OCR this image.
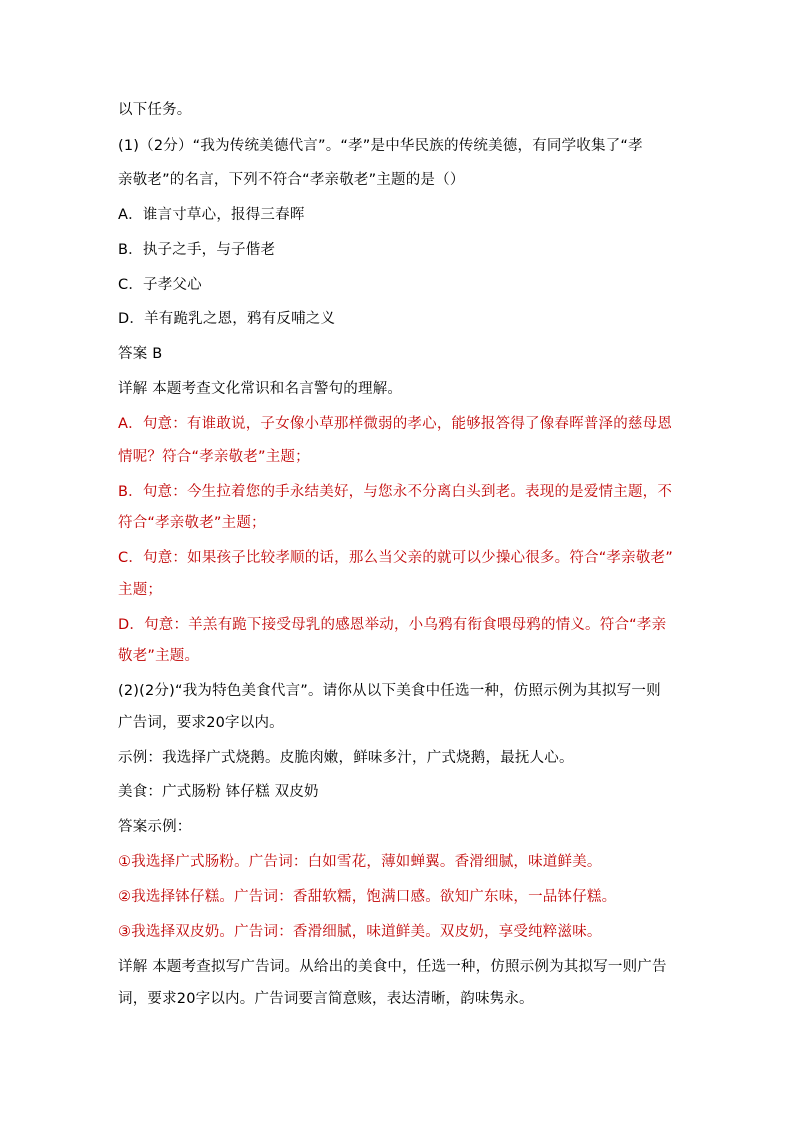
以下任务。
(1)（2分）“我为传统美德代言”。“孝”是中华民族的传统美德，有同学收集了“孝
亲敬老”的名言，下列不符合“孝亲敬老”主题的是（）
A．谁言寸草心，报得三春晖
B．执子之手，与子偕老
C．子孝父心
D．羊有跪乳之恩，鸦有反哺之义
答案 B
详解 本题考查文化常识和名言警句的理解。
A．句意：有谁敢说，子女像小草那样微弱的孝心，能够报答得了像春晖普泽的慈母恩
情呢？符合“孝亲敬老”主题；
B．句意：今生拉着您的手永结美好，与您永不分离白头到老。表现的是爱情主题，不
符合“孝亲敬老”主题；
C．句意：如果孩子比较孝顺的话，那么当父亲的就可以少操心很多。符合“孝亲敬老”
主题；
D．句意：羊羔有跪下接受母乳的感恩举动，小乌鸦有衔食喂母鸦的情义。符合“孝亲
敬老”主题。
(2)(2分)“我为特色美食代言”。请你从以下美食中任选一种，仿照示例为其拟写一则
广告词，要求20字以内。
示例：我选择广式烧鹅。皮脆肉嫩，鲜味多汁，广式烧鹅，最抚人心。
美食：广式肠粉 钵仔糕 双皮奶
答案示例：
①我选择广式肠粉。广告词：白如雪花，薄如蝉翼。香滑细腻，味道鲜美。
②我选择钵仔糕。广告词：香甜软糯，饱满口感。欲知广东味，一品钵仔糕。
③我选择双皮奶。广告词：香滑细腻，味道鲜美。双皮奶，享受纯粹滋味。
详解 本题考查拟写广告词。从给出的美食中，任选一种，仿照示例为其拟写一则广告
词，要求20字以内。广告词要言简意赅，表达清晰，韵味隽永。
